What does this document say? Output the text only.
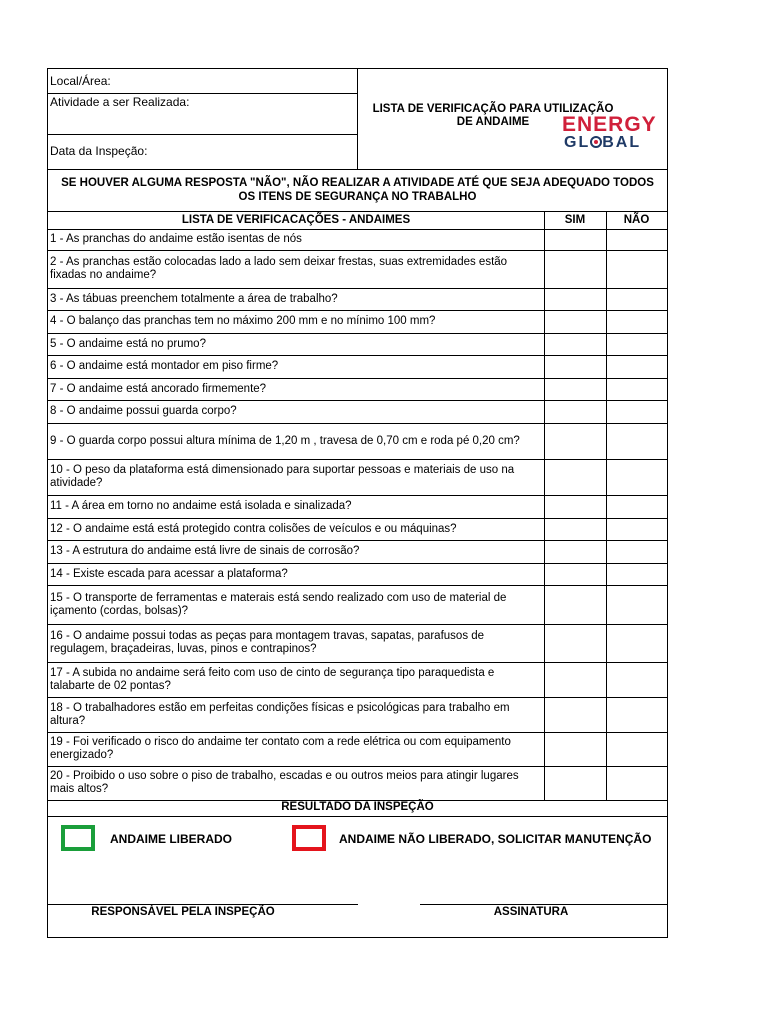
Local/Área:
Atividade a ser Realizada:
Data da Inspeção:
LISTA DE VERIFICAÇÃO PARA UTILIZAÇÃO DE ANDAIME	ENERGY
GL BAL
SE HOUVER ALGUMA RESPOSTA "NÃO", NÃO REALIZAR A ATIVIDADE ATÉ QUE SEJA ADEQUADO TODOS OS ITENS DE SEGURANÇA NO TRABALHO
LISTA DE VERIFICACAÇÕES - ANDAIMES	SIM	NÃO
1 - As pranchas do andaime estão isentas de nós
2 - As pranchas estão colocadas lado a lado sem deixar frestas, suas extremidades estão fixadas no andaime?
3 - As tábuas preenchem totalmente a área de trabalho?
4 - O balanço das pranchas tem no máximo 200 mm e no mínimo 100 mm?
5 - O andaime está no prumo?
6 - O andaime está montador em piso firme?
7 - O andaime está ancorado firmemente?
8 - O andaime possui guarda corpo?
9 - O guarda corpo possui altura mínima de 1,20 m , travesa de 0,70 cm e roda pé 0,20 cm?
10 - O peso da plataforma está dimensionado para suportar pessoas e materiais de uso na atividade?
11 - A área em torno no andaime está isolada e sinalizada?
12 - O andaime está está protegido contra colisões de veículos e ou máquinas?
13 - A estrutura do andaime está livre de sinais de corrosão?
14 - Existe escada para acessar a plataforma?
15 - O transporte de ferramentas e materais está sendo realizado com uso de material de içamento (cordas, bolsas)?
16 - O andaime possui todas as peças para montagem travas, sapatas, parafusos de regulagem, braçadeiras, luvas, pinos e contrapinos?
17 - A subida no andaime será feito com uso de cinto de segurança tipo paraquedista e talabarte de 02 pontas?
18 - O trabalhadores estão em perfeitas condições físicas e psicológicas para trabalho em altura?
19 - Foi verificado o risco do andaime ter contato com a rede elétrica ou com equipamento energizado?
20 - Proibido o uso sobre o piso de trabalho, escadas e ou outros meios para atingir lugares mais altos?
RESULTADO DA INSPEÇÃO
ANDAIME LIBERADO	ANDAIME NÃO LIBERADO, SOLICITAR MANUTENÇÃO
RESPONSÁVEL PELA INSPEÇÃO	ASSINATURA
